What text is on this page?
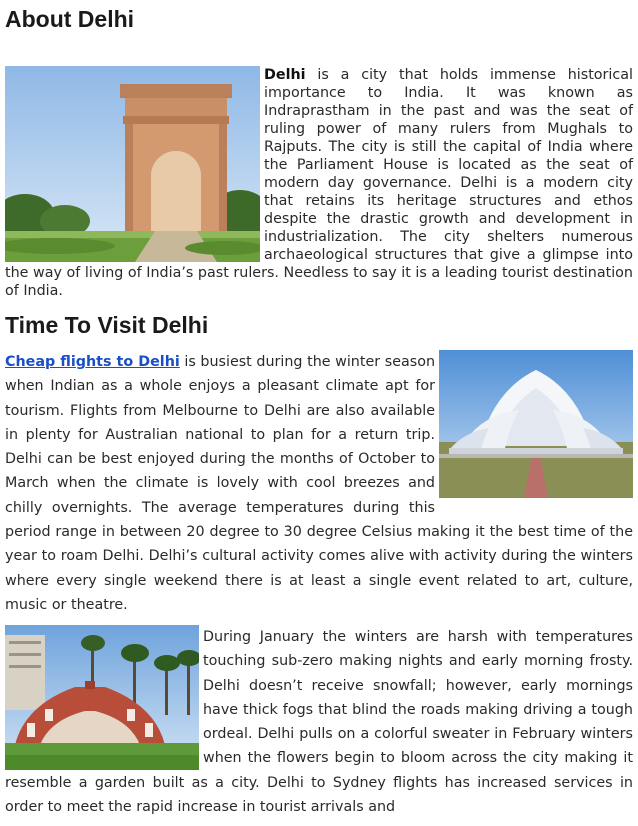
About Delhi

Delhi is a city that holds immense historical importance to India. It was known as Indraprastham in the past and was the seat of ruling power of many rulers from Mughals to Rajputs. The city is still the capital of India where the Parliament House is located as the seat of modern day governance. Delhi is a modern city that retains its heritage structures and ethos despite the drastic growth and development in industrialization. The city shelters numerous archaeological structures that give a glimpse into the way of living of India’s past rulers. Needless to say it is a leading tourist destination of India.

Time To Visit Delhi

Cheap flights to Delhi is busiest during the winter season when Indian as a whole enjoys a pleasant climate apt for tourism. Flights from Melbourne to Delhi are also available in plenty for Australian national to plan for a return trip. Delhi can be best enjoyed during the months of October to March when the climate is lovely with cool breezes and chilly overnights. The average temperatures during this period range in between 20 degree to 30 degree Celsius making it the best time of the year to roam Delhi. Delhi’s cultural activity comes alive with activity during the winters where every single weekend there is at least a single event related to art, culture, music or theatre.

During January the winters are harsh with temperatures touching sub-zero making nights and early morning frosty. Delhi doesn’t receive snowfall; however, early mornings have thick fogs that blind the roads making driving a tough ordeal. Delhi pulls on a colorful sweater in February winters when the flowers begin to bloom across the city making it resemble a garden built as a city. Delhi to Sydney flights has increased services in order to meet the rapid increase in tourist arrivals and
